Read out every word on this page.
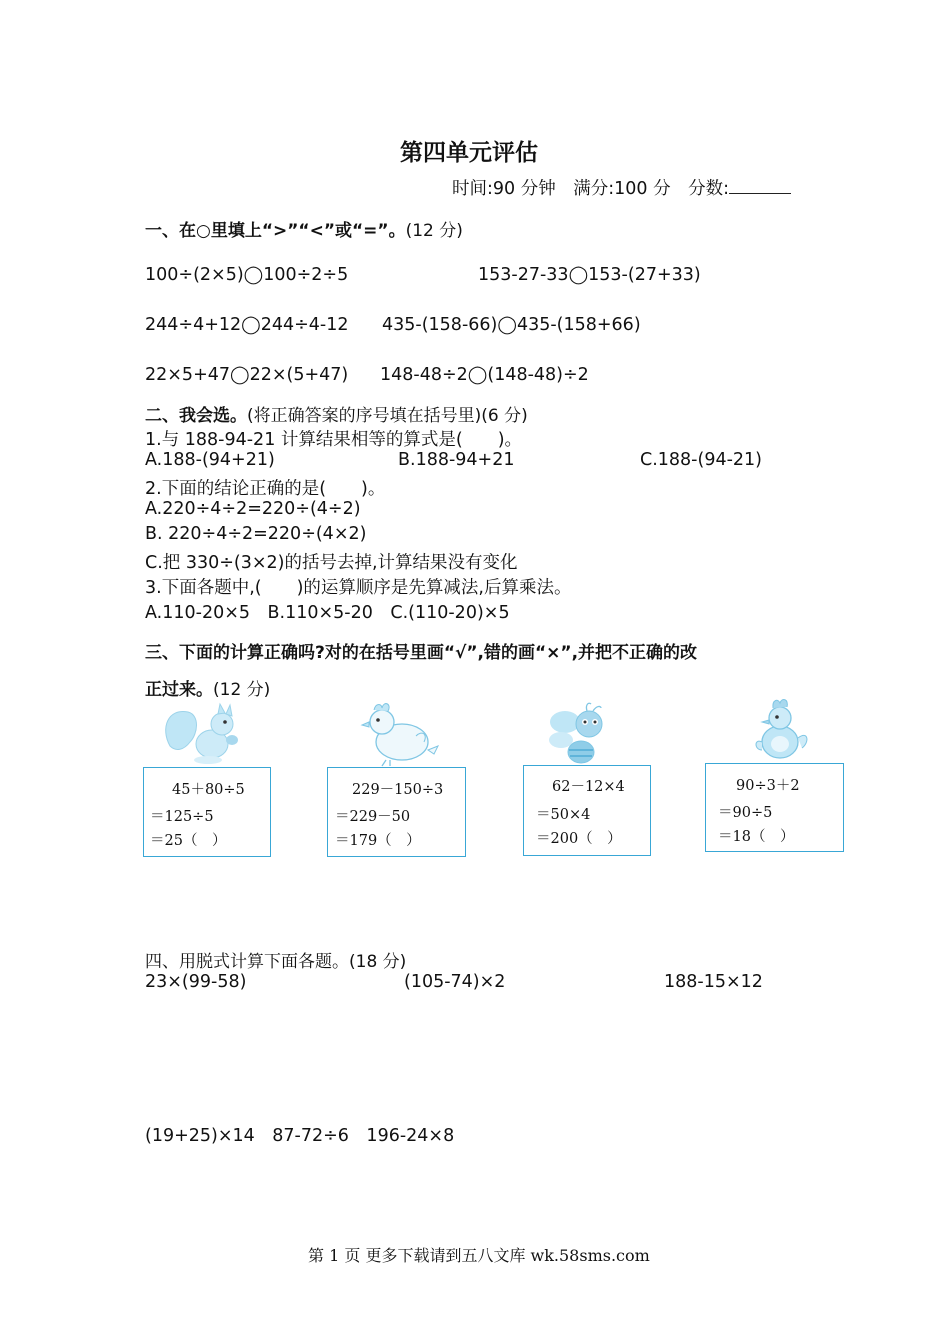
第四单元评估
时间:90 分钟　满分:100 分　分数:
一、在○里填上“>”“<”或“=”。(12 分)
100÷(2×5)◯100÷2÷5	153-27-33◯153-(27+33)
244÷4+12◯244÷4-12 435-(158-66)◯435-(158+66)
22×5+47◯22×(5+47) 148-48÷2◯(148-48)÷2
二、我会选。(将正确答案的序号填在括号里)(6 分)
1.与 188-94-21 计算结果相等的算式是(　　)。
A.188-(94+21)	B.188-94+21	C.188-(94-21)
2.下面的结论正确的是(　　)。
A.220÷4÷2=220÷(4÷2)
B. 220÷4÷2=220÷(4×2)
C.把 330÷(3×2)的括号去掉,计算结果没有变化
3.下面各题中,(　　)的运算顺序是先算减法,后算乘法。
A.110-20×5　B.110×5-20　C.(110-20)×5
三、下面的计算正确吗?对的在括号里画“√”,错的画“×”,并把不正确的改
正过来。(12 分)
45＋80÷5
＝125÷5
＝25（　）
229－150÷3
＝229－50
＝179（　）
62－12×4
＝50×4
＝200（　）
90÷3＋2
＝90÷5
＝18（　）
四、用脱式计算下面各题。(18 分)
23×(99-58)	(105-74)×2	188-15×12
(19+25)×14　87-72÷6　196-24×8
第 1 页 更多下载请到五八文库 wk.58sms.com
